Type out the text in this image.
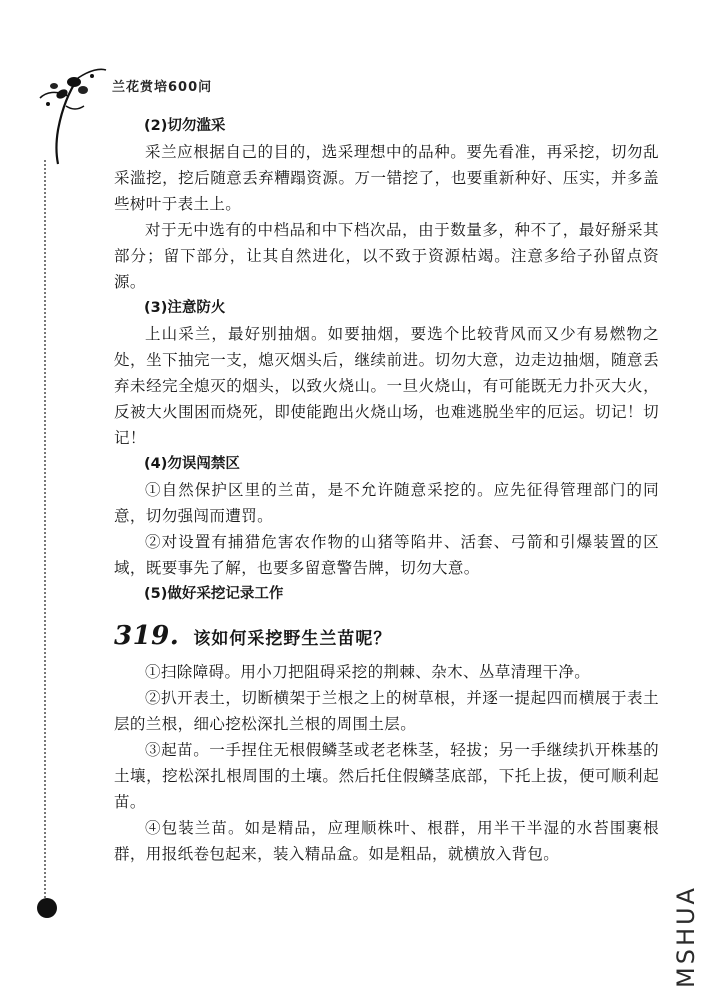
兰花赏培600问
(2)切勿滥采

采兰应根据自己的目的，选采理想中的品种。要先看准，再采挖，切勿乱采滥挖，挖后随意丢弃糟蹋资源。万一错挖了，也要重新种好、压实，并多盖些树叶于表土上。

对于无中选有的中档品和中下档次品，由于数量多，种不了，最好掰采其部分；留下部分，让其自然进化，以不致于资源枯竭。注意多给子孙留点资源。

(3)注意防火

上山采兰，最好别抽烟。如要抽烟，要选个比较背风而又少有易燃物之处，坐下抽完一支，熄灭烟头后，继续前进。切勿大意，边走边抽烟，随意丢弃未经完全熄灭的烟头，以致火烧山。一旦火烧山，有可能既无力扑灭大火，反被大火围困而烧死，即使能跑出火烧山场，也难逃脱坐牢的厄运。切记！切记！

(4)勿误闯禁区

①自然保护区里的兰苗，是不允许随意采挖的。应先征得管理部门的同意，切勿强闯而遭罚。

②对设置有捕猎危害农作物的山猪等陷井、活套、弓箭和引爆装置的区域，既要事先了解，也要多留意警告牌，切勿大意。

(5)做好采挖记录工作
319. 该如何采挖野生兰苗呢？

①扫除障碍。用小刀把阻碍采挖的荆棘、杂木、丛草清理干净。

②扒开表土，切断横架于兰根之上的树草根，并逐一提起四而横展于表土层的兰根，细心挖松深扎兰根的周围土层。

③起苗。一手捏住无根假鳞茎或老老株茎，轻拔；另一手继续扒开株基的土壤，挖松深扎根周围的土壤。然后托住假鳞茎底部，下托上拔，便可顺利起苗。

④包装兰苗。如是精品，应理顺株叶、根群，用半干半湿的水苔围裹根群，用报纸卷包起来，装入精品盒。如是粗品，就横放入背包。

MSHUA
